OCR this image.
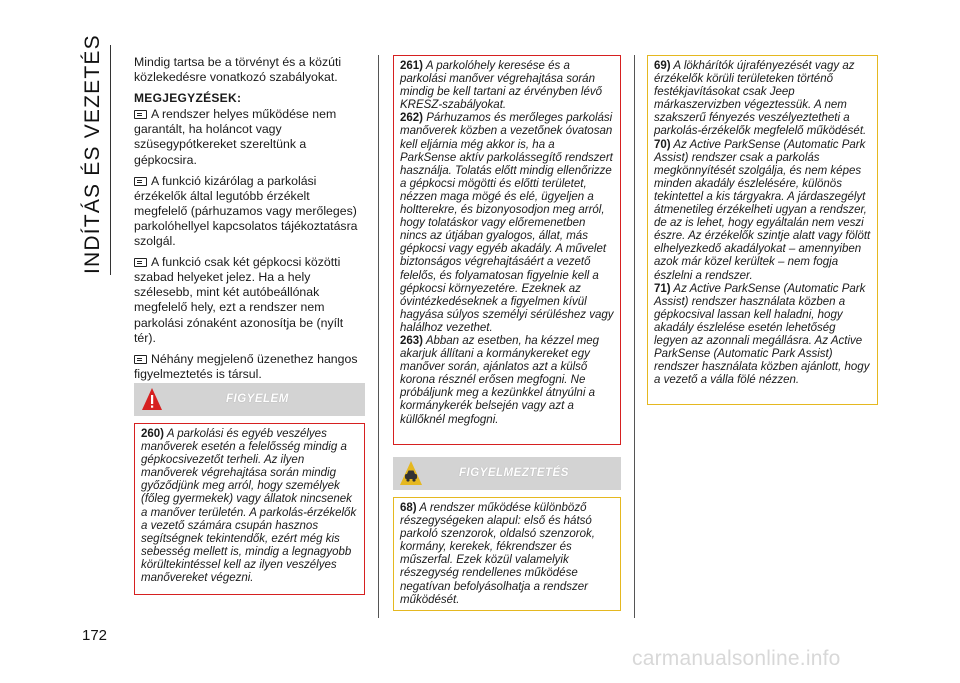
INDÍTÁS ÉS VEZETÉS
172

Mindig tartsa be a törvényt és a közúti közlekedésre vonatkozó szabályokat.

MEGJEGYZÉSEK:

A rendszer helyes működése nem garantált, ha holáncot vagy szüsegypótkereket szereltünk a gépkocsira.

A funkció kizárólag a parkolási érzékelők által legutóbb érzékelt megfelelő (párhuzamos vagy merőleges) parkolóhellyel kapcsolatos tájékoztatásra szolgál.

A funkció csak két gépkocsi közötti szabad helyeket jelez. Ha a hely szélesebb, mint két autóbeállónak megfelelő hely, ezt a rendszer nem parkolási zónaként azonosítja be (nyílt tér).

Néhány megjelenő üzenethez hangos figyelmeztetés is társul.

FIGYELEM

260) A parkolási és egyéb veszélyes manőverek esetén a felelősség mindig a gépkocsivezetőt terheli. Az ilyen manőverek végrehajtása során mindig győződjünk meg arról, hogy személyek (főleg gyermekek) vagy állatok nincsenek a manőver területén. A parkolás-érzékelők a vezető számára csupán hasznos segítségnek tekintendők, ezért még kis sebesség mellett is, mindig a legnagyobb körültekintéssel kell az ilyen veszélyes manővereket végezni.

261) A parkolóhely keresése és a parkolási manőver végrehajtása során mindig be kell tartani az érvényben lévő KRESZ-szabályokat.

262) Párhuzamos és merőleges parkolási manőverek közben a vezetőnek óvatosan kell eljárnia még akkor is, ha a ParkSense aktív parkolássegítő rendszert használja. Tolatás előtt mindig ellenőrizze a gépkocsi mögötti és előtti területet, nézzen maga mögé és elé, ügyeljen a holtterekre, és bizonyosodjon meg arról, hogy tolatáskor vagy előremenetben nincs az útjában gyalogos, állat, más gépkocsi vagy egyéb akadály. A művelet biztonságos végrehajtásáért a vezető felelős, és folyamatosan figyelnie kell a gépkocsi környezetére. Ezeknek az óvintézkedéseknek a figyelmen kívül hagyása súlyos személyi sérüléshez vagy halálhoz vezethet.

263) Abban az esetben, ha kézzel meg akarjuk állítani a kormánykereket egy manőver során, ajánlatos azt a külső korona résznél erősen megfogni. Ne próbáljunk meg a kezünkkel átnyúlni a kormánykerék belsején vagy azt a küllőknél megfogni.

FIGYELMEZTETÉS

68) A rendszer működése különböző részegységeken alapul: első és hátsó parkoló szenzorok, oldalsó szenzorok, kormány, kerekek, fékrendszer és műszerfal. Ezek közül valamelyik részegység rendellenes működése negatívan befolyásolhatja a rendszer működését.

69) A lökhárítók újrafényezését vagy az érzékelők körüli területeken történő festékjavításokat csak Jeep márkaszervizben végeztessük. A nem szakszerű fényezés veszélyeztetheti a parkolás-érzékelők megfelelő működését.

70) Az Active ParkSense (Automatic Park Assist) rendszer csak a parkolás megkönnyítését szolgálja, és nem képes minden akadály észlelésére, különös tekintettel a kis tárgyakra. A járdaszegélyt átmenetileg érzékelheti ugyan a rendszer, de az is lehet, hogy egyáltalán nem veszi észre. Az érzékelők szintje alatt vagy fölött elhelyezkedő akadályokat – amennyiben azok már közel kerültek – nem fogja észlelni a rendszer.

71) Az Active ParkSense (Automatic Park Assist) rendszer használata közben a gépkocsival lassan kell haladni, hogy akadály észlelése esetén lehetőség legyen az azonnali megállásra. Az Active ParkSense (Automatic Park Assist) rendszer használata közben ajánlott, hogy a vezető a válla fölé nézzen.

carmanualsonline.info
